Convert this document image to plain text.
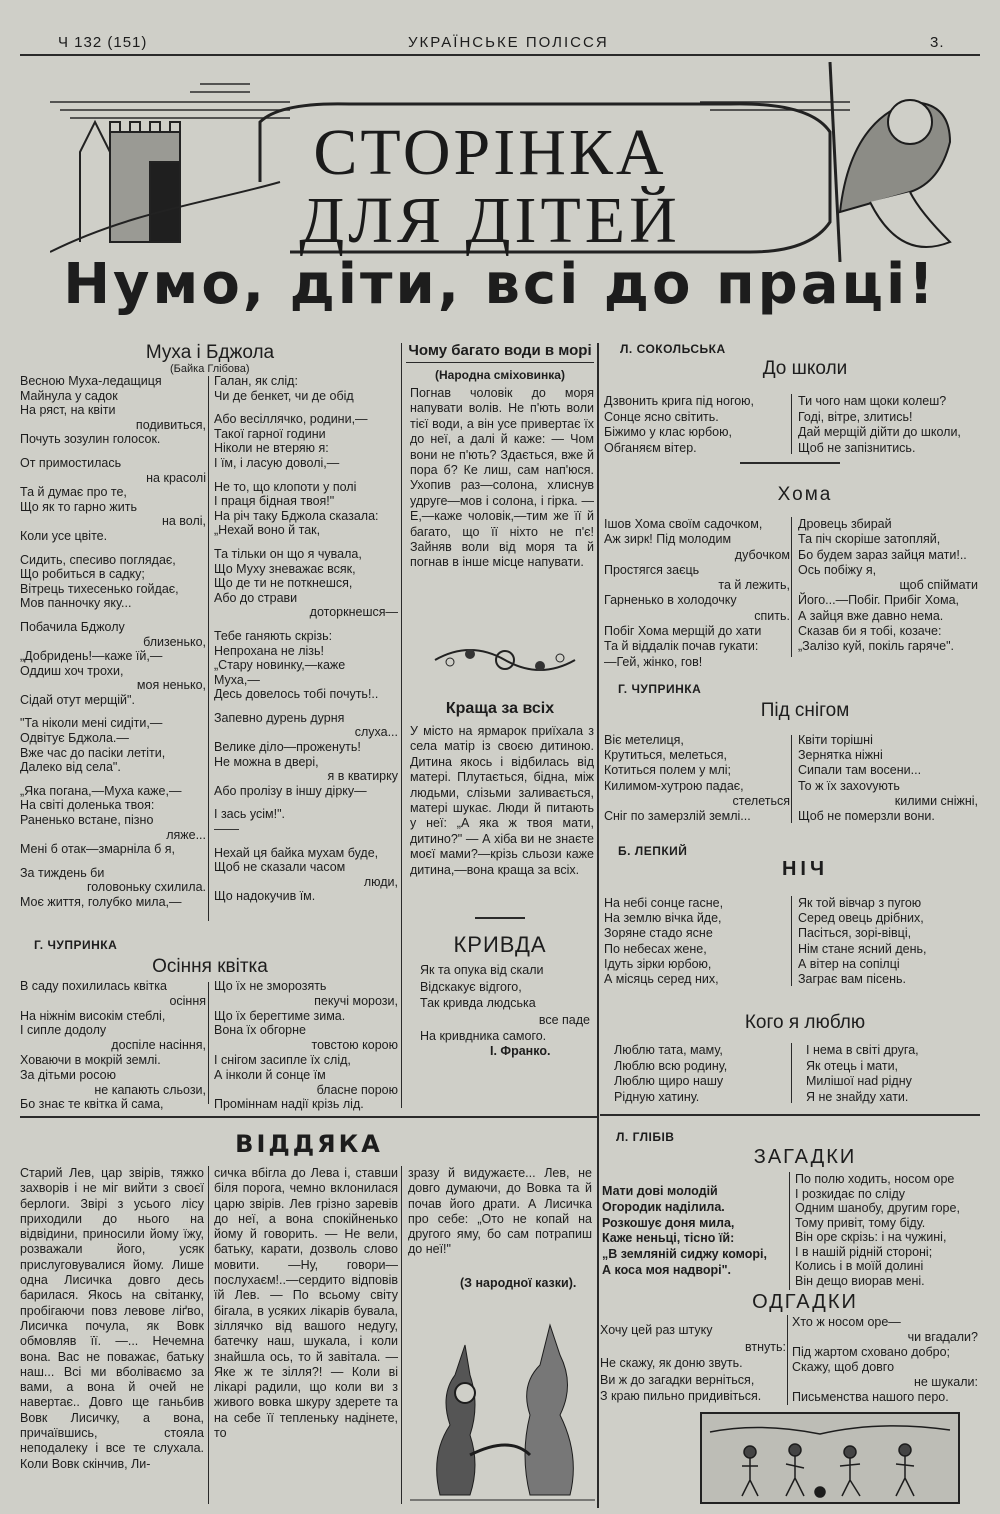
Ч 132 (151)	УКРАЇНСЬКЕ ПОЛІССЯ	3.
СТОРІНКА
ДЛЯ ДІТЕЙ
Нумо, діти, всі до праці!
Муха і Бджола
(Байка Глібова)
Весною Муха-ледащиця
Майнула у садок
На ряст, на квіти
подивиться,
Почуть зозулин голосок.
От примостилась
на красолі
Та й думає про те,
Що як то гарно жить
на волі,
Коли усе цвіте.
Сидить, спесиво поглядає,
Що робиться в садку;
Вітрець тихесенько гойдає,
Мов панночку яку...
Побачила Бджолу
близенько,
„Добридень!—каже їй,—
Оддиш хоч трохи,
моя ненько,
Сідай отут мерщій".
"Та ніколи мені сидіти,—
Одвітує Бджола.—
Вже час до пасіки летіти,
Далеко від села".
„Яка погана,—Муха каже,—
На світі доленька твоя:
Раненько встане, пізно
ляже...
Мені б отак—змарніла б я,
За тиждень би
головоньку схилила.
Моє життя, голубко мила,—
Галан, як слід:
Чи де бенкет, чи де обід
Або весіллячко, родини,—
Такої гарної години
Ніколи не втеряю я:
І їм, і ласую доволі,—
Не то, що клопоти у полі
І праця бідная твоя!"
На річ таку Бджола сказала:
„Нехай воно й так,
Та тільки он що я чувала,
Що Муху зневажає всяк,
Що де ти не поткнешся,
Або до страви
доторкнешся—
Тебе ганяють скрізь:
Непрохана не лізь!
„Стару новинку,—каже
Муха,—
Десь довелось тобі почуть!..
Запевно дурень дурня
слуха...
Велике діло—проженуть!
Не можна в двері,
я в кватирку
Або пролізу в іншу дірку—
І зась усім!".
——
Нехай ця байка мухам буде,
Щоб не сказали часом
люди,
Що надокучив їм.
Г. ЧУПРИНКА
Осіння квітка
В саду похилилась квітка
осіння
На ніжнім високім стеблі,
І сипле додолу
доспіле насіння,
Ховаючи в мокрій землі.
За дітьми росою
не капають сльози,
Бо знає те квітка й сама,
Що їх не зморозять
пекучі морози,
Що їх берегтиме зима.
Вона їх обгорне
товстою корою
І снігом засипле їх слід,
А інколи й сонце їм
бласне порою
Проміннам надії крізь лід.
Чому багато води в морі
(Народна сміховинка)
Погнав чоловік до моря напувати волів. Не п'ють воли тієї води, а він усе привертає їх до неї, а далі й каже: — Чом вони не п'ють? Здається, вже й пора б? Ке лиш, сам нап'юся. Ухопив раз—солона, хлиснув удруге—мов і солона, і гірка. —Е,—каже чоловік,—тим же її й багато, що її ніхто не п'є! Зайняв воли від моря та й погнав в інше місце напувати.
Краща за всіх
У місто на ярмарок приїхала з села матір із своєю дитиною. Дитина якось і відбилась від матері. Плутається, бідна, між людьми, слізьми заливається, матері шукає. Люди й питають у неї: „А яка ж твоя мати, дитино?" — А хіба ви не знаєте моєї мами?—крізь сльози каже дитина,—вона краща за всіх.
КРИВДА
Як та опука від скали
Відскакує відгого,
Так кривда людська
все паде
На кривдника самого.
І. Франко.
Л. СОКОЛЬСЬКА
До школи
Дзвонить крига під ногою,
Сонце ясно світить.
Біжимо у клас юрбою,
Обганяєм вітер.
Ти чого нам щоки колеш?
Годі, вітре, злитись!
Дай мерщій дійти до школи,
Щоб не запізнитись.
Хома
Ішов Хома своїм садочком,
Аж зирк! Під молодим
дубочком
Простягся заєць
та й лежить,
Гарненько в холодочку
спить.
Побіг Хома мерщій до хати
Та й віддалік почав гукати:
—Гей, жінко, гов!
Дровець збирай
Та піч скоріше затопляй,
Бо будем зараз зайця мати!..
Ось побіжу я,
щоб спіймати
Його...—Побіг. Прибіг Хома,
А зайця вже давно нема.
Сказав би я тобі, козаче:
„Залізо куй, покіль гаряче".
Г. ЧУПРИНКА
Під снігом
Віє метелиця,
Крутиться, мелеться,
Котиться полем у млі;
Килимом-хутрою падає,
стелеться
Сніг по замерзлій землі...
Квіти торішні
Зернятка ніжні
Сипали там восени...
То ж їх захovують
килими сніжні,
Щоб не померзли вони.
Б. ЛЕПКИЙ
НІЧ
На небі сонце гасне,
На землю вічка йде,
Зоряне стадо ясне
По небесах жене,
Ідуть зірки юрбою,
А місяць серед них,
Як той вівчар з пугою
Серед овець дрібних,
Пасіться, зорі-вівці,
Нім стане ясний день,
А вітер на сопілці
Заграє вам пісень.
Кого я люблю
Люблю тата, маму,
Люблю всю родину,
Люблю щиро нашу
Рідную хатину.
І нема в світі друга,
Як отець і мати,
Милішої нad рідну
Я не знайду хати.
ВІДДЯКА
Старий Лев, цар звірів, тяжко захворів і не міг вийти з своєї берлоги. Звірі з усього лісу приходили до нього на відвідини, приносили йому їжу, розважали його, усяк прислуговувалися йому. Лише одна Лисичка довго десь барилася. Якось на світанку, пробігаючи повз левове ліґво, Лисичка почула, як Вовк обмовляв її. —... Нечемна вона. Вас не поважає, батьку наш... Всі ми вболіваємо за вами, а вона й очей не навертає.. Довго ще ганьбив Вовк Лисичку, а вона, причаївшись, стояла неподалеку і все те слухала. Коли Вовк скінчив, Ли-
сичка вбігла до Лева і, ставши біля порога, чемно вклонилася царю звірів. Лев грізно заревів до неї, а вона спокійненько йому й говорить. — Не вели, батьку, карати, дозволь слово мовити. —Ну, говори—послухаєм!..—сердито відповів їй Лев. — По всьому світу бігала, в усяких лікарів бувала, зіллячко від вашого недугу, батечку наш, шукала, і коли знайшла ось, то й завітала. — Яке ж те зілля?! — Коли ві лікарі радили, що коли ви з живого вовка шкуру здерете та на себе її тепленьку надінете, то
зразу й видужаєте... Лев, не довго думаючи, до Вовка та й почав його драти. А Лисичка про себе: „Ото не копай на другого яму, бо сам потрапиш до неї!"
(З народної казки).
Л. ГЛІБІВ
ЗАГАДКИ
Мати дові молодій
Огородик наділила.
Розкошує доня мила,
Каже неньці, тісно їй:
„В земляній сиджу коморі,
А коса моя надворі".
По полю ходить, носом оре
І розкидає по сліду
Одним шанобу, другим горе,
Тому привіт, тому біду.
Він оре скрізь: і на чужині,
І в нашій рідній стороні;
Колись і в моїй долині
Він дещо виорав мені.
ОДГАДКИ
Хочу цей раз штуку
втнуть:
Не скажу, як доню звуть.
Ви ж до загадки верніться,
З краю пильно придивіться.
Хто ж носом оре—
чи вгадали?
Під жартом сховано добро;
Скажу, щоб довго
не шукали:
Письменства нашого перо.
